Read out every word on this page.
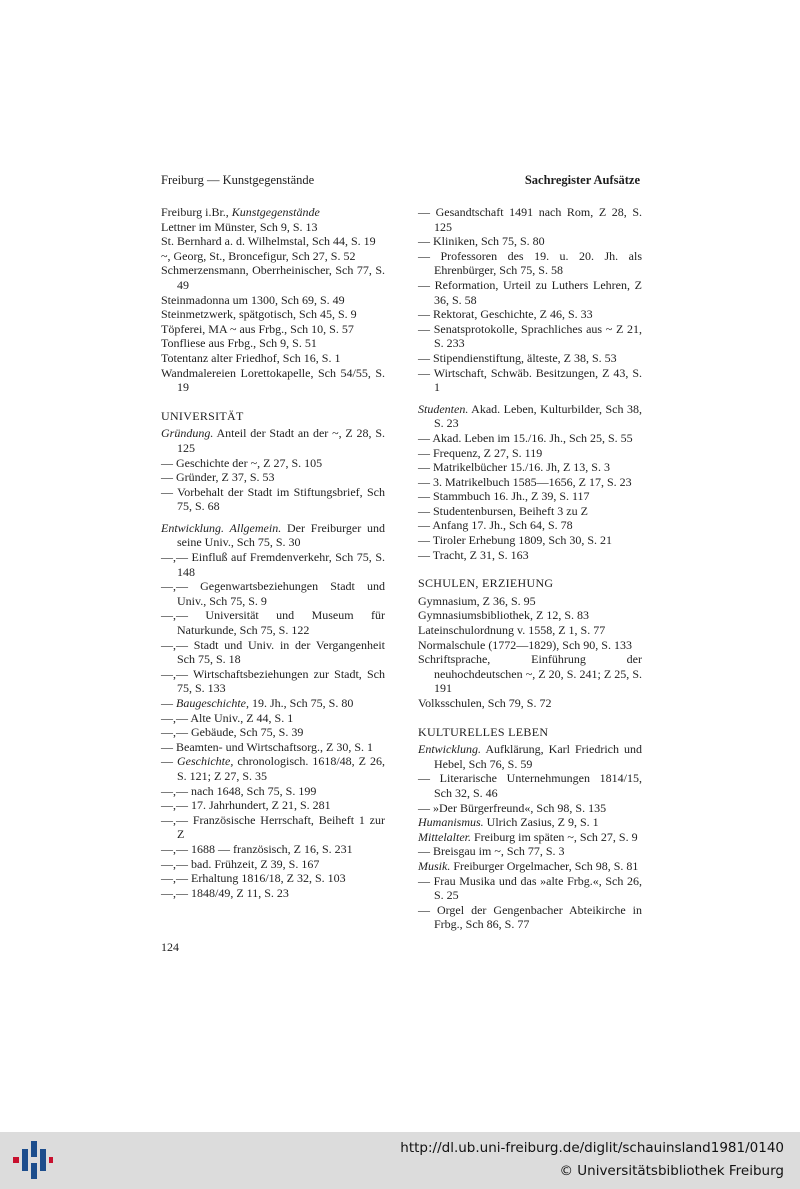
Freiburg — Kunstgegenstände	Sachregister Aufsätze
Freiburg i.Br., Kunstgegenstände
Lettner im Münster, Sch 9, S. 13
St. Bernhard a. d. Wilhelmstal, Sch 44, S. 19
~, Georg, St., Broncefigur, Sch 27, S. 52
Schmerzensmann, Oberrheinischer, Sch 77, S. 49
Steinmadonna um 1300, Sch 69, S. 49
Steinmetzwerk, spätgotisch, Sch 45, S. 9
Töpferei, MA ~ aus Frbg., Sch 10, S. 57
Tonfliese aus Frbg., Sch 9, S. 51
Totentanz alter Friedhof, Sch 16, S. 1
Wandmalereien Lorettokapelle, Sch 54/55, S. 19
UNIVERSITÄT
Gründung. Anteil der Stadt an der ~, Z 28, S. 125
— Geschichte der ~, Z 27, S. 105
— Gründer, Z 37, S. 53
— Vorbehalt der Stadt im Stiftungsbrief, Sch 75, S. 68
Entwicklung. Allgemein. Der Freiburger und seine Univ., Sch 75, S. 30
—,— Einfluß auf Fremdenverkehr, Sch 75, S. 148
—,— Gegenwartsbeziehungen Stadt und Univ., Sch 75, S. 9
—,— Universität und Museum für Naturkunde, Sch 75, S. 122
—,— Stadt und Univ. in der Vergangenheit Sch 75, S. 18
—,— Wirtschaftsbeziehungen zur Stadt, Sch 75, S. 133
— Baugeschichte, 19. Jh., Sch 75, S. 80
—,— Alte Univ., Z 44, S. 1
—,— Gebäude, Sch 75, S. 39
— Beamten- und Wirtschaftsorg., Z 30, S. 1
— Geschichte, chronologisch. 1618/48, Z 26, S. 121; Z 27, S. 35
—,— nach 1648, Sch 75, S. 199
—,— 17. Jahrhundert, Z 21, S. 281
—,— Französische Herrschaft, Beiheft 1 zur Z
—,— 1688 — französisch, Z 16, S. 231
—,— bad. Frühzeit, Z 39, S. 167
—,— Erhaltung 1816/18, Z 32, S. 103
—,— 1848/49, Z 11, S. 23
— Gesandtschaft 1491 nach Rom, Z 28, S. 125
— Kliniken, Sch 75, S. 80
— Professoren des 19. u. 20. Jh. als Ehrenbürger, Sch 75, S. 58
— Reformation, Urteil zu Luthers Lehren, Z 36, S. 58
— Rektorat, Geschichte, Z 46, S. 33
— Senatsprotokolle, Sprachliches aus ~ Z 21, S. 233
— Stipendienstiftung, älteste, Z 38, S. 53
— Wirtschaft, Schwäb. Besitzungen, Z 43, S. 1
Studenten. Akad. Leben, Kulturbilder, Sch 38, S. 23
— Akad. Leben im 15./16. Jh., Sch 25, S. 55
— Frequenz, Z 27, S. 119
— Matrikelbücher 15./16. Jh, Z 13, S. 3
— 3. Matrikelbuch 1585—1656, Z 17, S. 23
— Stammbuch 16. Jh., Z 39, S. 117
— Studentenbursen, Beiheft 3 zu Z
— Anfang 17. Jh., Sch 64, S. 78
— Tiroler Erhebung 1809, Sch 30, S. 21
— Tracht, Z 31, S. 163
SCHULEN, ERZIEHUNG
Gymnasium, Z 36, S. 95
Gymnasiumsbibliothek, Z 12, S. 83
Lateinschulordnung v. 1558, Z 1, S. 77
Normalschule (1772—1829), Sch 90, S. 133
Schriftsprache, Einführung der neuhochdeutschen ~, Z 20, S. 241; Z 25, S. 191
Volksschulen, Sch 79, S. 72
KULTURELLES LEBEN
Entwicklung. Aufklärung, Karl Friedrich und Hebel, Sch 76, S. 59
— Literarische Unternehmungen 1814/15, Sch 32, S. 46
— »Der Bürgerfreund«, Sch 98, S. 135
Humanismus. Ulrich Zasius, Z 9, S. 1
Mittelalter. Freiburg im späten ~, Sch 27, S. 9
— Breisgau im ~, Sch 77, S. 3
Musik. Freiburger Orgelmacher, Sch 98, S. 81
— Frau Musika und das »alte Frbg.«, Sch 26, S. 25
— Orgel der Gengenbacher Abteikirche in Frbg., Sch 86, S. 77
124
http://dl.ub.uni-freiburg.de/diglit/schauinsland1981/0140
© Universitätsbibliothek Freiburg
